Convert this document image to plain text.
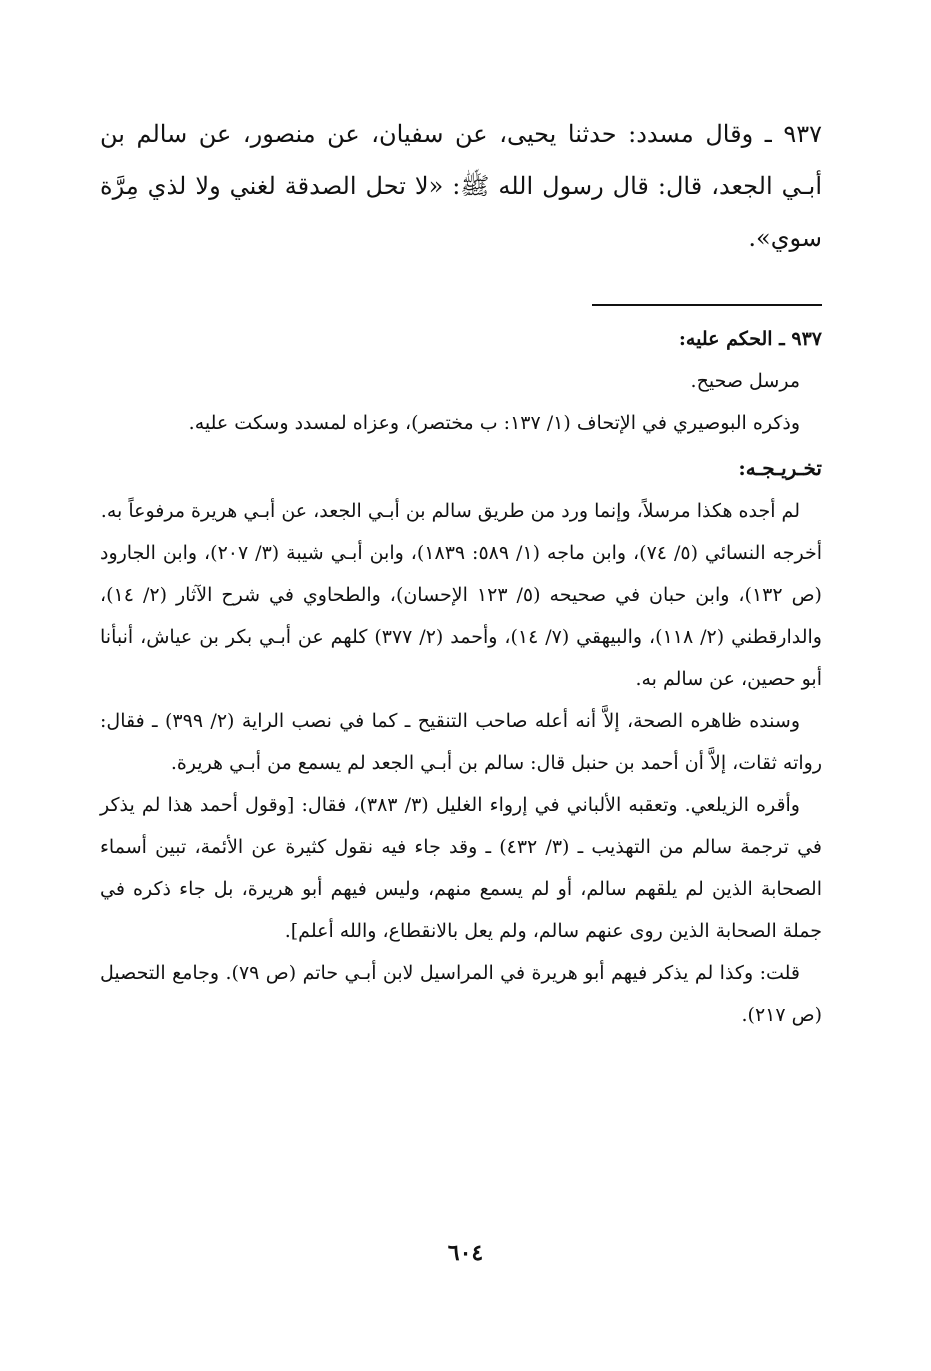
٩٣٧ ـ وقال مسدد: حدثنا يحيى، عن سفيان، عن منصور، عن سالم بن أبـي الجعد، قال: قال رسول الله ﷺ: «لا تحل الصدقة لغني ولا لذي مِرَّة سوي».

٩٣٧ ـ الحكم عليه:

مرسل صحيح.

وذكره البوصيري في الإتحاف (١/ ١٣٧: ب مختصر)، وعزاه لمسدد وسكت عليه.

تخـريـجـه:

لم أجده هكذا مرسلاً، وإنما ورد من طريق سالم بن أبـي الجعد، عن أبـي هريرة مرفوعاً به.

أخرجه النسائي (٥/ ٧٤)، وابن ماجه (١/ ٥٨٩: ١٨٣٩)، وابن أبـي شيبة (٣/ ٢٠٧)، وابن الجارود (ص ١٣٢)، وابن حبان في صحيحه (٥/ ١٢٣ الإحسان)، والطحاوي في شرح الآثار (٢/ ١٤)، والدارقطني (٢/ ١١٨)، والبيهقي (٧/ ١٤)، وأحمد (٢/ ٣٧٧) كلهم عن أبـي بكر بن عياش، أنبأنا أبو حصين، عن سالم به.

وسنده ظاهره الصحة، إلاَّ أنه أعله صاحب التنقيح ـ كما في نصب الراية (٢/ ٣٩٩) ـ فقال: رواته ثقات، إلاَّ أن أحمد بن حنبل قال: سالم بن أبـي الجعد لم يسمع من أبـي هريرة.

وأقره الزيلعي. وتعقبه الألباني في إرواء الغليل (٣/ ٣٨٣)، فقال: [وقول أحمد هذا لم يذكر في ترجمة سالم من التهذيب ـ (٣/ ٤٣٢) ـ وقد جاء فيه نقول كثيرة عن الأئمة، تبين أسماء الصحابة الذين لم يلقهم سالم، أو لم يسمع منهم، وليس فيهم أبو هريرة، بل جاء ذكره في جملة الصحابة الذين روى عنهم سالم، ولم يعل بالانقطاع، والله أعلم].

قلت: وكذا لم يذكر فيهم أبو هريرة في المراسيل لابن أبـي حاتم (ص ٧٩). وجامع التحصيل (ص ٢١٧).

٦٠٤
